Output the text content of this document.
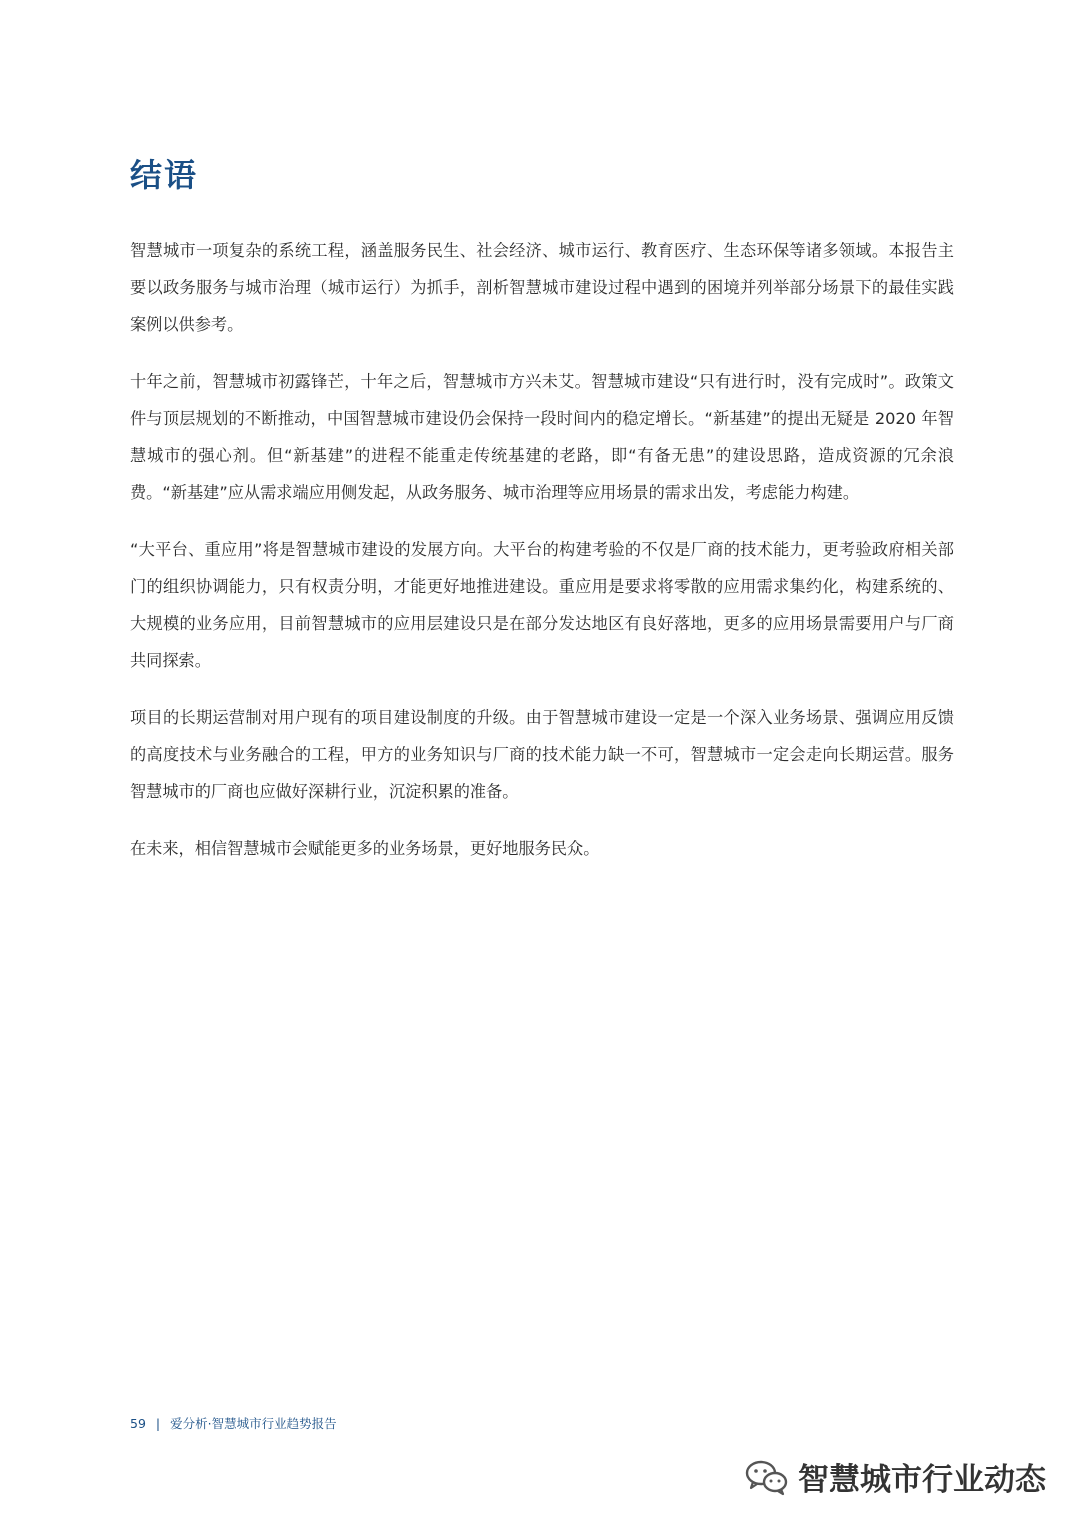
结语

智慧城市一项复杂的系统工程，涵盖服务民生、社会经济、城市运行、教育医疗、生态环保等诸多领域。本报告主要以政务服务与城市治理（城市运行）为抓手，剖析智慧城市建设过程中遇到的困境并列举部分场景下的最佳实践案例以供参考。

十年之前，智慧城市初露锋芒，十年之后，智慧城市方兴未艾。智慧城市建设“只有进行时，没有完成时”。政策文件与顶层规划的不断推动，中国智慧城市建设仍会保持一段时间内的稳定增长。“新基建”的提出无疑是 2020 年智慧城市的强心剂。但“新基建”的进程不能重走传统基建的老路，即“有备无患”的建设思路，造成资源的冗余浪费。“新基建”应从需求端应用侧发起，从政务服务、城市治理等应用场景的需求出发，考虑能力构建。

“大平台、重应用”将是智慧城市建设的发展方向。大平台的构建考验的不仅是厂商的技术能力，更考验政府相关部门的组织协调能力，只有权责分明，才能更好地推进建设。重应用是要求将零散的应用需求集约化，构建系统的、大规模的业务应用，目前智慧城市的应用层建设只是在部分发达地区有良好落地，更多的应用场景需要用户与厂商共同探索。

项目的长期运营制对用户现有的项目建设制度的升级。由于智慧城市建设一定是一个深入业务场景、强调应用反馈的高度技术与业务融合的工程，甲方的业务知识与厂商的技术能力缺一不可，智慧城市一定会走向长期运营。服务智慧城市的厂商也应做好深耕行业，沉淀积累的准备。

在未来，相信智慧城市会赋能更多的业务场景，更好地服务民众。

59 | 爱分析·智慧城市行业趋势报告
智慧城市行业动态
